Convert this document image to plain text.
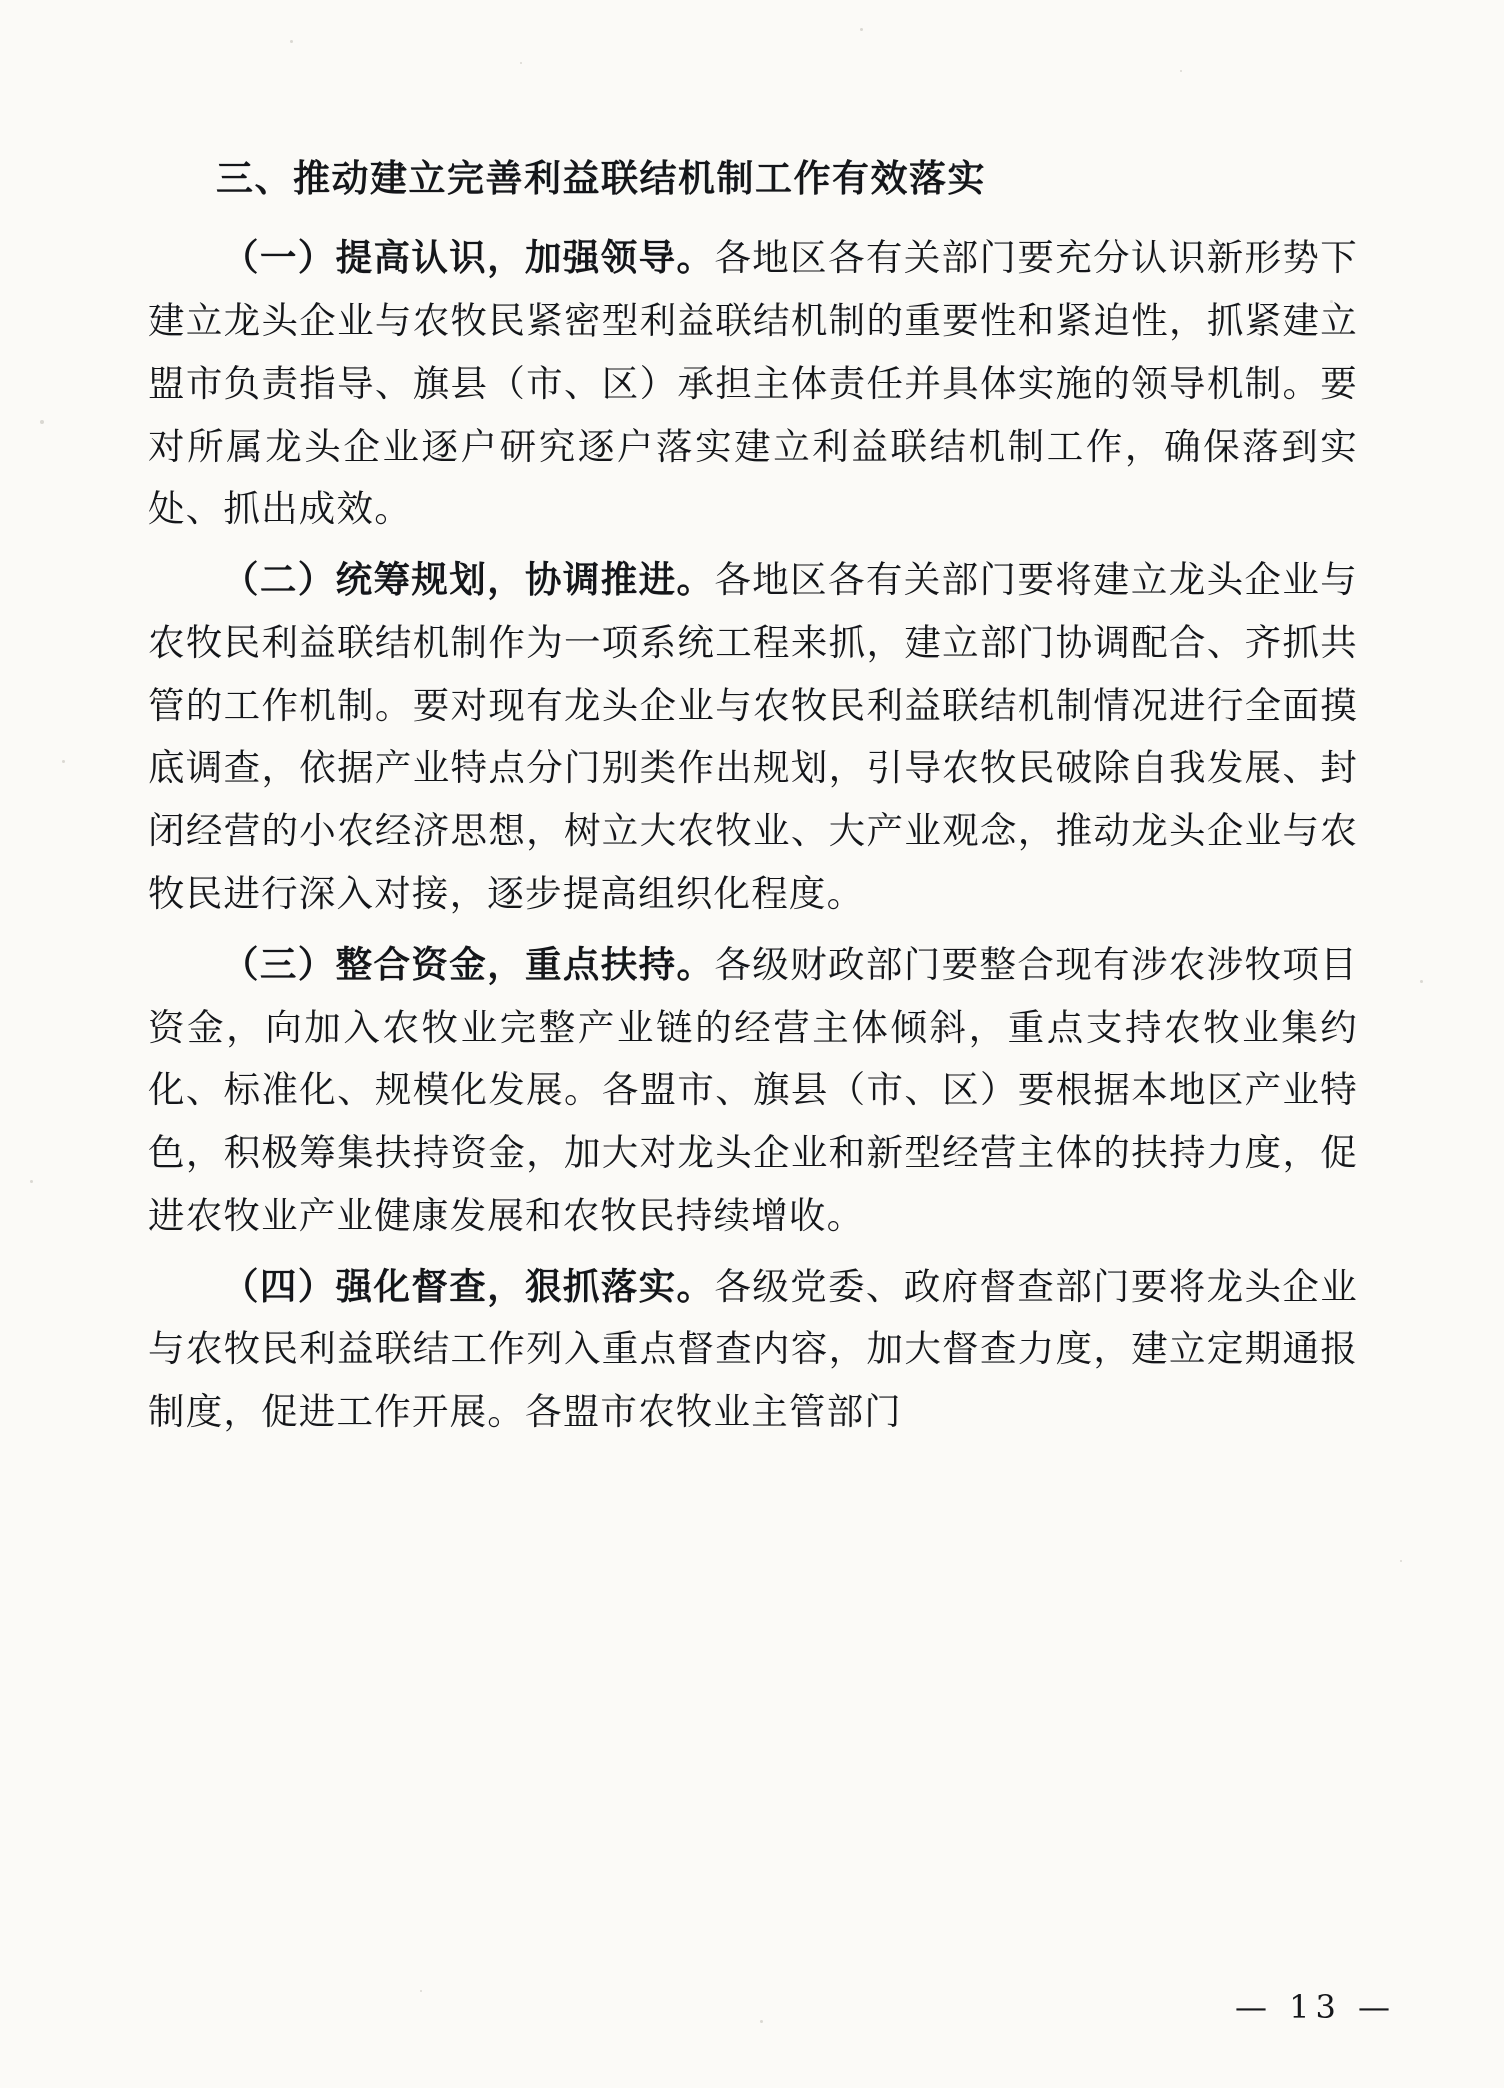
三、推动建立完善利益联结机制工作有效落实

（一）提高认识，加强领导。各地区各有关部门要充分认识新形势下建立龙头企业与农牧民紧密型利益联结机制的重要性和紧迫性，抓紧建立盟市负责指导、旗县（市、区）承担主体责任并具体实施的领导机制。要对所属龙头企业逐户研究逐户落实建立利益联结机制工作，确保落到实处、抓出成效。

（二）统筹规划，协调推进。各地区各有关部门要将建立龙头企业与农牧民利益联结机制作为一项系统工程来抓，建立部门协调配合、齐抓共管的工作机制。要对现有龙头企业与农牧民利益联结机制情况进行全面摸底调查，依据产业特点分门别类作出规划，引导农牧民破除自我发展、封闭经营的小农经济思想，树立大农牧业、大产业观念，推动龙头企业与农牧民进行深入对接，逐步提高组织化程度。

（三）整合资金，重点扶持。各级财政部门要整合现有涉农涉牧项目资金，向加入农牧业完整产业链的经营主体倾斜，重点支持农牧业集约化、标准化、规模化发展。各盟市、旗县（市、区）要根据本地区产业特色，积极筹集扶持资金，加大对龙头企业和新型经营主体的扶持力度，促进农牧业产业健康发展和农牧民持续增收。

（四）强化督查，狠抓落实。各级党委、政府督查部门要将龙头企业与农牧民利益联结工作列入重点督查内容，加大督查力度，建立定期通报制度，促进工作开展。各盟市农牧业主管部门

— 13 —
